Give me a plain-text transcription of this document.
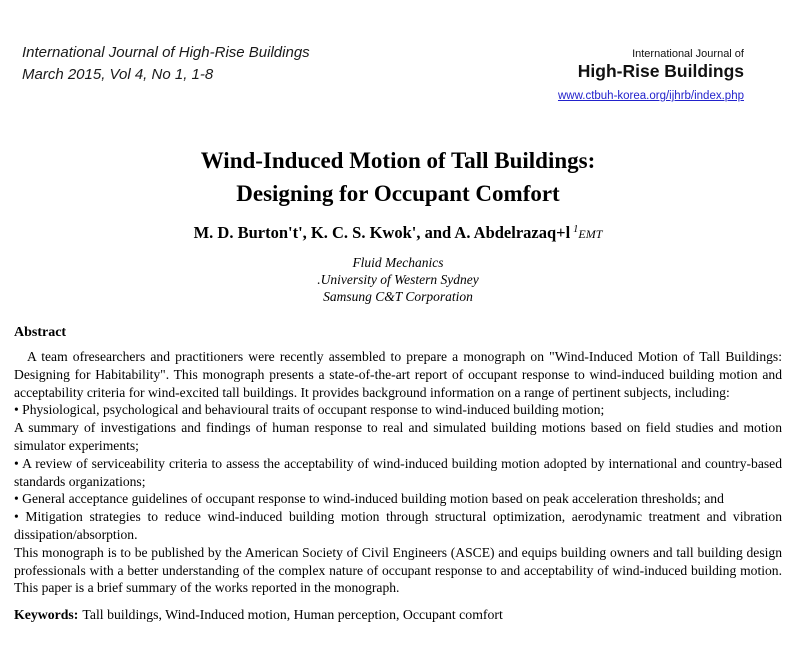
International Journal of High-Rise Buildings
March 2015, Vol 4, No 1, 1-8
International Journal of
High-Rise Buildings
www.ctbuh-korea.org/ijhrb/index.php
Wind-Induced Motion of Tall Buildings:
Designing for Occupant Comfort
M. D. Burton't', K. C. S. Kwok', and A. Abdelrazaq+l $^1$EMT
Fluid Mechanics
.University of Western Sydney
Samsung C&T Corporation
Abstract
A team ofresearchers and practitioners were recently assembled to prepare a monograph on "Wind-Induced Motion of Tall Buildings: Designing for Habitability". This monograph presents a state-of-the-art report of occupant response to wind-induced building motion and acceptability criteria for wind-excited tall buildings. It provides background information on a range of pertinent subjects, including:
• Physiological, psychological and behavioural traits of occupant response to wind-induced building motion;
A summary of investigations and findings of human response to real and simulated building motions based on field studies and motion simulator experiments;
• A review of serviceability criteria to assess the acceptability of wind-induced building motion adopted by international and country-based standards organizations;
• General acceptance guidelines of occupant response to wind-induced building motion based on peak acceleration thresholds; and
• Mitigation strategies to reduce wind-induced building motion through structural optimization, aerodynamic treatment and vibration dissipation/absorption.
This monograph is to be published by the American Society of Civil Engineers (ASCE) and equips building owners and tall building design professionals with a better understanding of the complex nature of occupant response to and acceptability of wind-induced building motion. This paper is a brief summary of the works reported in the monograph.
Keywords: Tall buildings, Wind-Induced motion, Human perception, Occupant comfort
